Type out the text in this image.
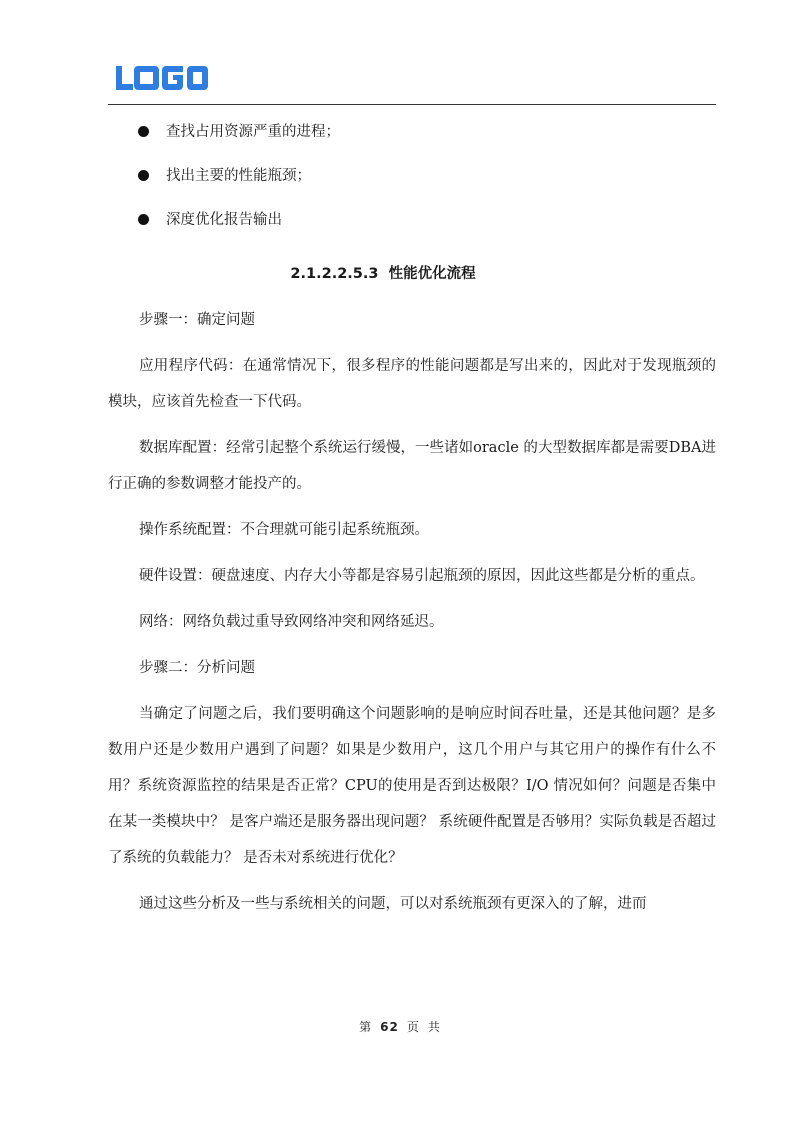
查找占用资源严重的进程；
找出主要的性能瓶颈；
深度优化报告输出
2.1.2.2.5.3  性能优化流程

步骤一：确定问题

应用程序代码：在通常情况下，很多程序的性能问题都是写出来的，因此对于发现瓶颈的模块，应该首先检查一下代码。

数据库配置：经常引起整个系统运行缓慢，一些诸如oracle 的大型数据库都是需要DBA进行正确的参数调整才能投产的。

操作系统配置：不合理就可能引起系统瓶颈。

硬件设置：硬盘速度、内存大小等都是容易引起瓶颈的原因，因此这些都是分析的重点。

网络：网络负载过重导致网络冲突和网络延迟。

步骤二：分析问题

当确定了问题之后，我们要明确这个问题影响的是响应时间吞吐量，还是其他问题？是多数用户还是少数用户遇到了问题？如果是少数用户，这几个用户与其它用户的操作有什么不用？系统资源监控的结果是否正常？CPU的使用是否到达极限？I/O 情况如何？问题是否集中在某一类模块中？ 是客户端还是服务器出现问题？ 系统硬件配置是否够用？实际负载是否超过了系统的负载能力？ 是否未对系统进行优化？

通过这些分析及一些与系统相关的问题，可以对系统瓶颈有更深入的了解，进而

第 62 页 共
